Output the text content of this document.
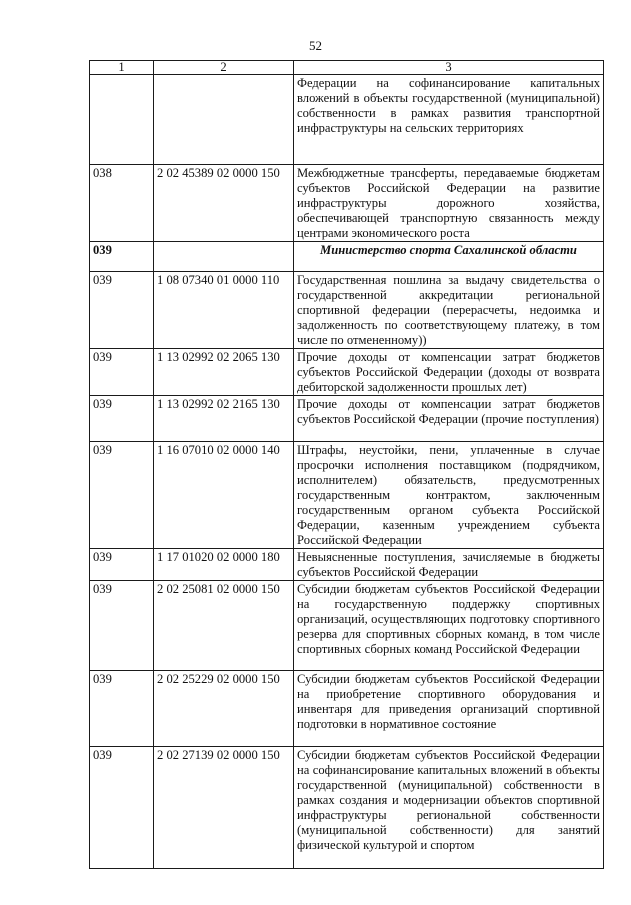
52
1	2	3
		Федерации на софинансирование капитальных вложений в объекты государственной (муниципальной) собственности в рамках развития транспортной инфраструктуры на сельских территориях
038	2 02 45389 02 0000 150	Межбюджетные трансферты, передаваемые бюджетам субъектов Российской Федерации на развитие инфраструктуры дорожного хозяйства, обеспечивающей транспортную связанность между центрами экономического роста
039		Министерство спорта Сахалинской области
039	1 08 07340 01 0000 110	Государственная пошлина за выдачу свидетельства о государственной аккредитации региональной спортивной федерации (перерасчеты, недоимка и задолженность по соответствующему платежу, в том числе по отмененному))
039	1 13 02992 02 2065 130	Прочие доходы от компенсации затрат бюджетов субъектов Российской Федерации (доходы от возврата дебиторской задолженности прошлых лет)
039	1 13 02992 02 2165 130	Прочие доходы от компенсации затрат бюджетов субъектов Российской Федерации (прочие поступления)
039	1 16 07010 02 0000 140	Штрафы, неустойки, пени, уплаченные в случае просрочки исполнения поставщиком (подрядчиком, исполнителем) обязательств, предусмотренных государственным контрактом, заключенным государственным органом субъекта Российской Федерации, казенным учреждением субъекта Российской Федерации
039	1 17 01020 02 0000 180	Невыясненные поступления, зачисляемые в бюджеты субъектов Российской Федерации
039	2 02 25081 02 0000 150	Субсидии бюджетам субъектов Российской Федерации на государственную поддержку спортивных организаций, осуществляющих подготовку спортивного резерва для спортивных сборных команд, в том числе спортивных сборных команд Российской Федерации
039	2 02 25229 02 0000 150	Субсидии бюджетам субъектов Российской Федерации на приобретение спортивного оборудования и инвентаря для приведения организаций спортивной подготовки в нормативное состояние
039	2 02 27139 02 0000 150	Субсидии бюджетам субъектов Российской Федерации на софинансирование капитальных вложений в объекты государственной (муниципальной) собственности в рамках создания и модернизации объектов спортивной инфраструктуры региональной собственности (муниципальной собственности) для занятий физической культурой и спортом
